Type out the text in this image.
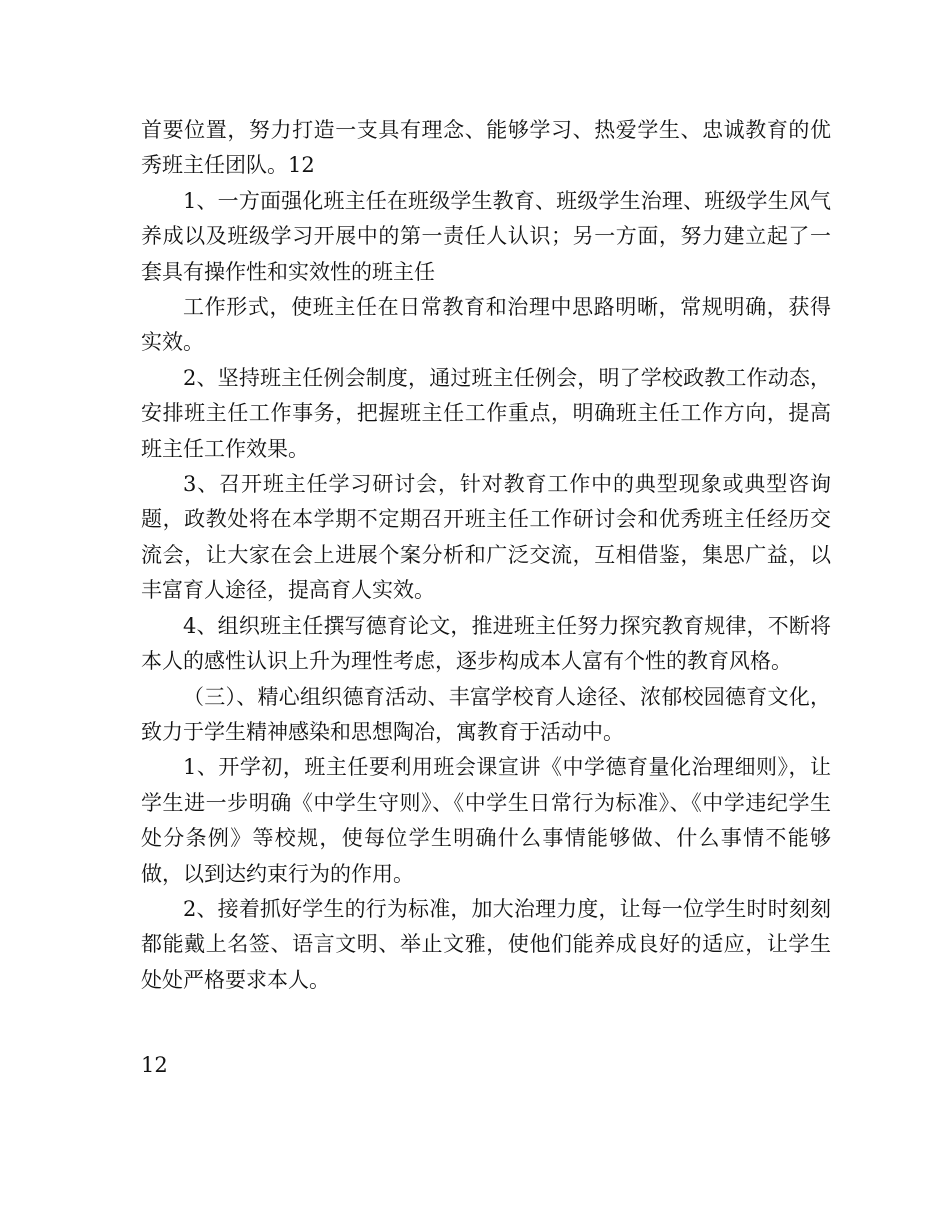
首要位置，努力打造一支具有理念、能够学习、热爱学生、忠诚教育的优秀班主任团队。12

1、一方面强化班主任在班级学生教育、班级学生治理、班级学生风气养成以及班级学习开展中的第一责任人认识；另一方面，努力建立起了一套具有操作性和实效性的班主任

工作形式，使班主任在日常教育和治理中思路明晰，常规明确，获得实效。

2、坚持班主任例会制度，通过班主任例会，明了学校政教工作动态，安排班主任工作事务，把握班主任工作重点，明确班主任工作方向，提高班主任工作效果。

3、召开班主任学习研讨会，针对教育工作中的典型现象或典型咨询题，政教处将在本学期不定期召开班主任工作研讨会和优秀班主任经历交流会，让大家在会上进展个案分析和广泛交流，互相借鉴，集思广益，以丰富育人途径，提高育人实效。

4、组织班主任撰写德育论文，推进班主任努力探究教育规律，不断将本人的感性认识上升为理性考虑，逐步构成本人富有个性的教育风格。

（三）、精心组织德育活动、丰富学校育人途径、浓郁校园德育文化，致力于学生精神感染和思想陶冶，寓教育于活动中。

1、开学初，班主任要利用班会课宣讲《中学德育量化治理细则》，让学生进一步明确《中学生守则》、《中学生日常行为标准》、《中学违纪学生处分条例》等校规，使每位学生明确什么事情能够做、什么事情不能够做，以到达约束行为的作用。

2、接着抓好学生的行为标准，加大治理力度，让每一位学生时时刻刻都能戴上名签、语言文明、举止文雅，使他们能养成良好的适应，让学生处处严格要求本人。

12
